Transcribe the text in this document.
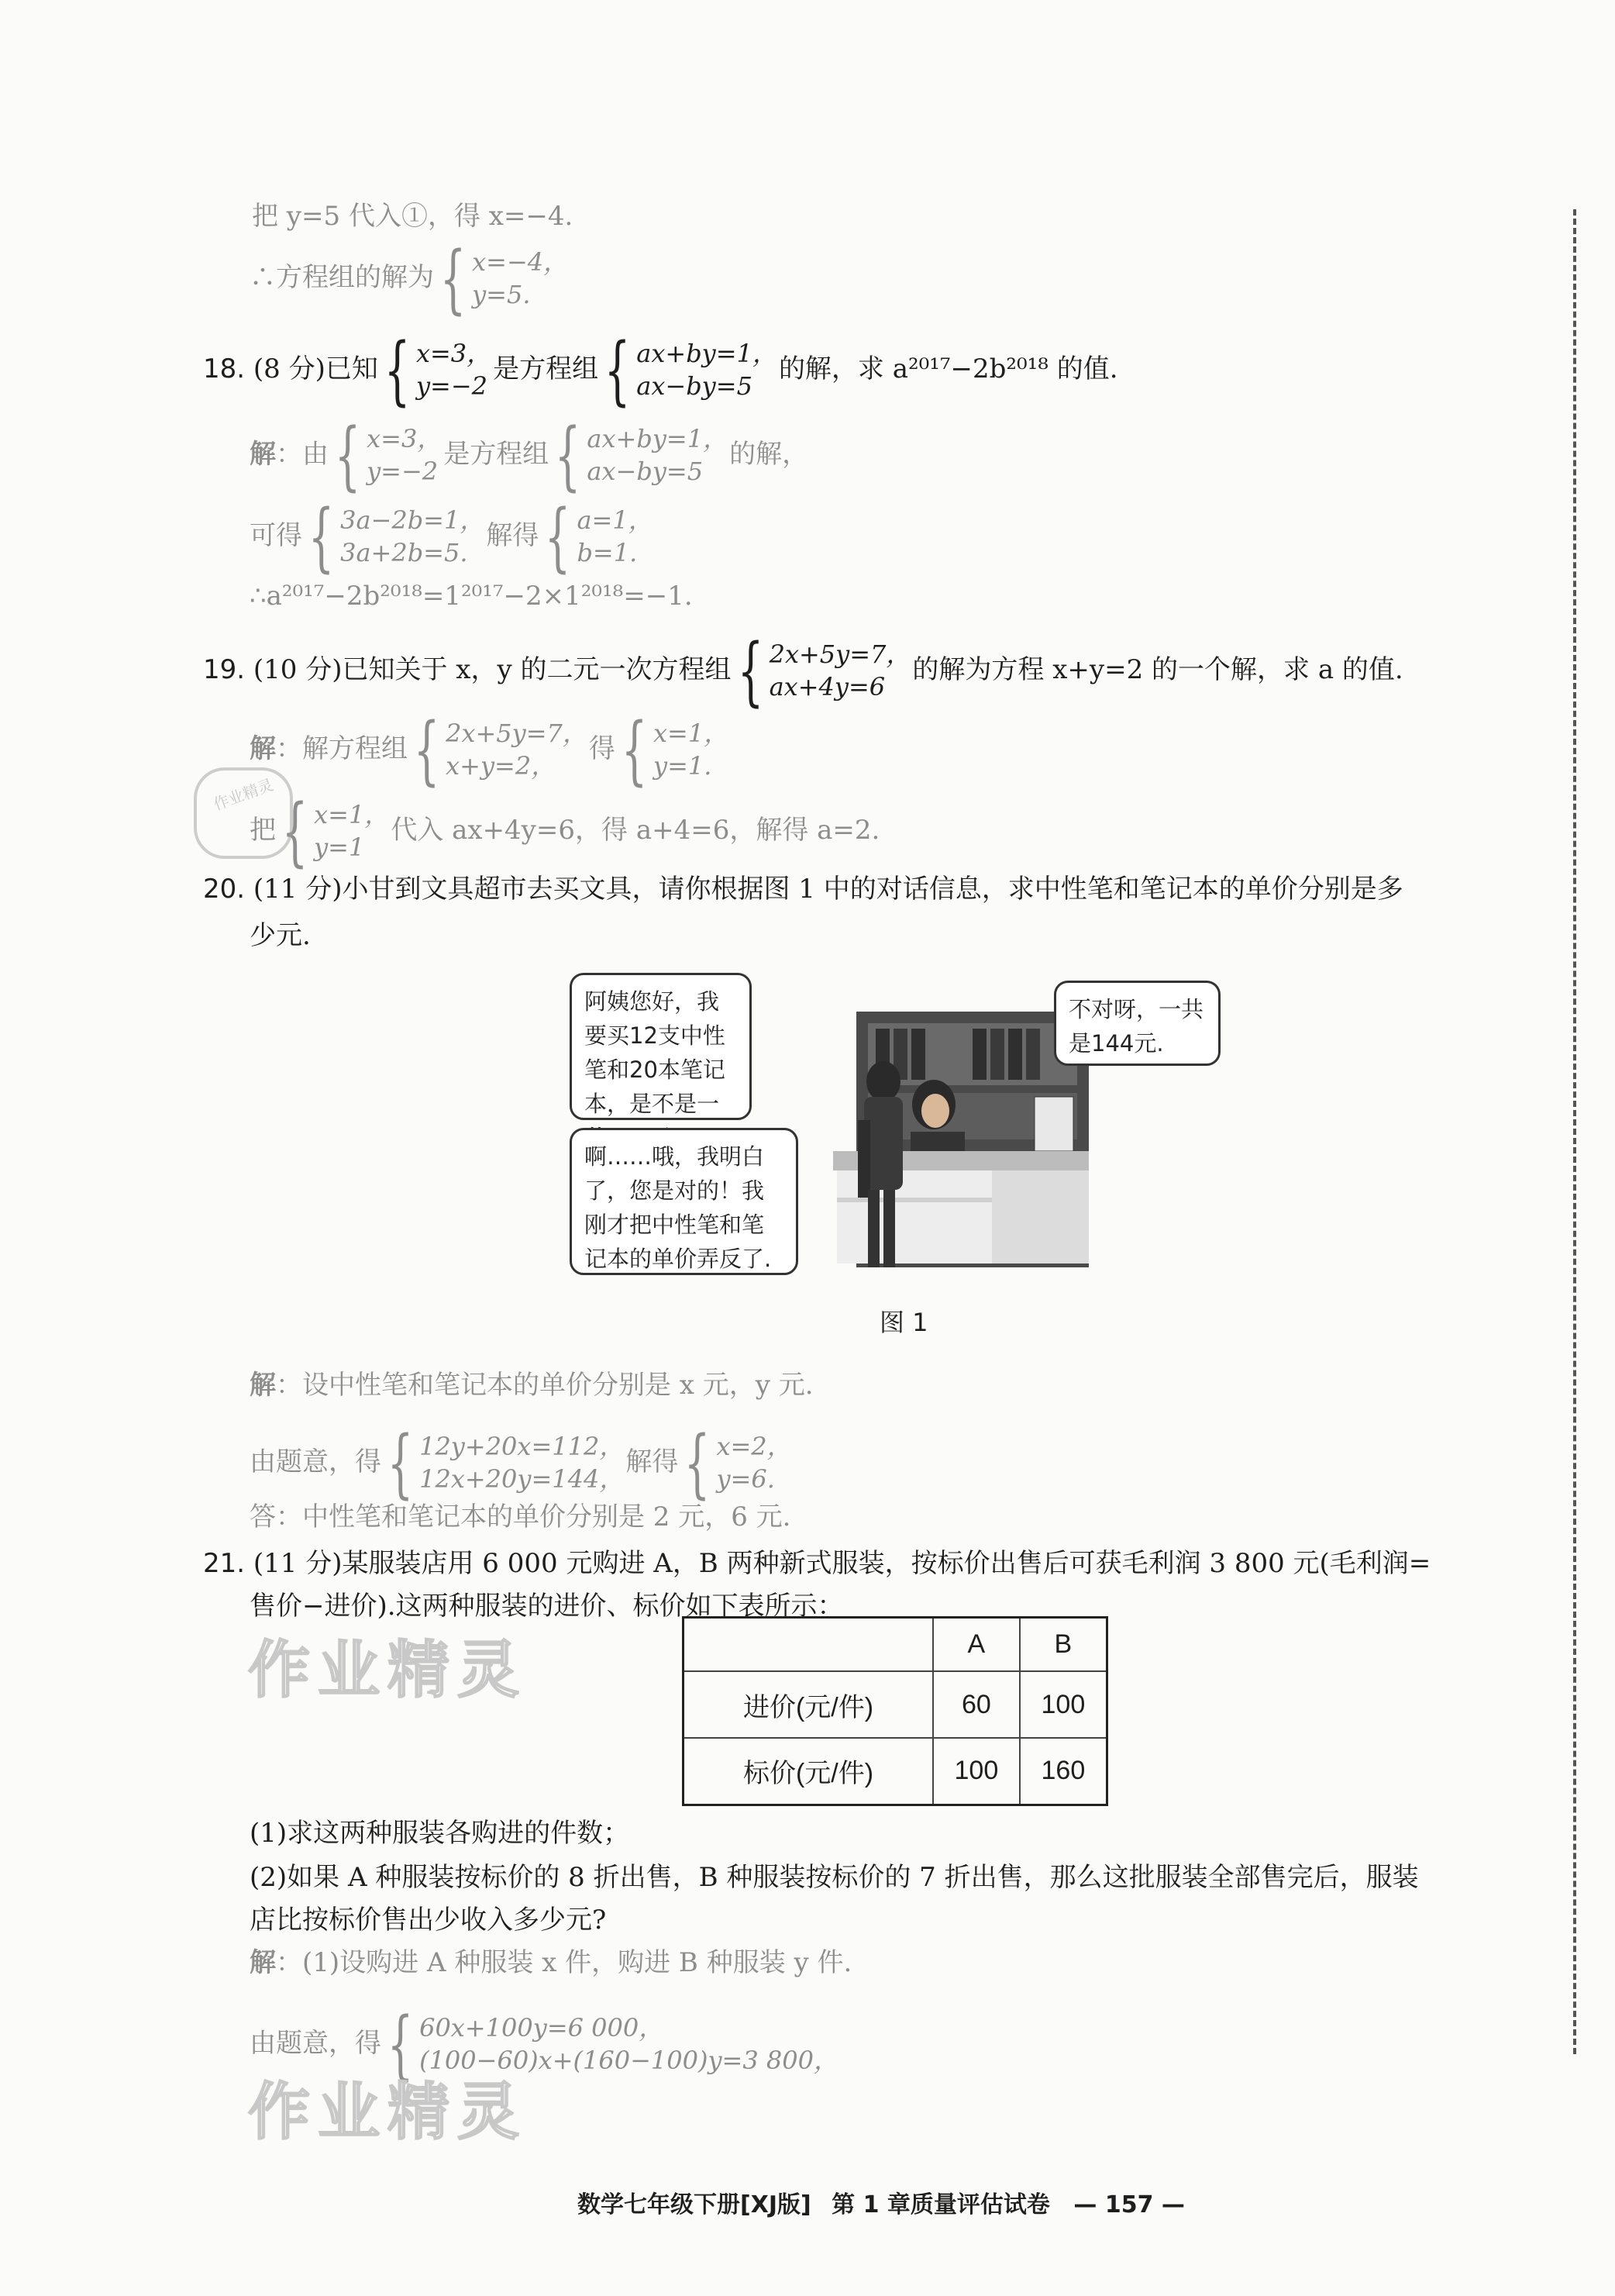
把 y=5 代入①，得 x=−4.
∴方程组的解为 { x=−4，
y=5.
18. (8 分)已知 { x=3，
y=−2
是方程组 { ax+by=1，
ax−by=5
的解，求 a²⁰¹⁷−2b²⁰¹⁸ 的值.
解：由 { x=3，
y=−2
是方程组 { ax+by=1，
ax−by=5
的解，
可得 { 3a−2b=1，
3a+2b=5.
解得 { a=1，
b=1.
∴a²⁰¹⁷−2b²⁰¹⁸=1²⁰¹⁷−2×1²⁰¹⁸=−1.
19. (10 分)已知关于 x，y 的二元一次方程组 { 2x+5y=7，
ax+4y=6
的解为方程 x+y=2 的一个解，求 a 的值.
解：解方程组 { 2x+5y=7，
x+y=2，
得 { x=1，
y=1.
把 { x=1，
y=1
代入 ax+4y=6，得 a+4=6，解得 a=2.
作业精灵
20. (11 分)小甘到文具超市去买文具，请你根据图 1 中的对话信息，求中性笔和笔记本的单价分别是多
少元.
阿姨您好，我要买12支中性笔和20本笔记本，是不是一
不对呀，一共是144元.
啊……哦，我明白了，您是对的！我刚才把中性笔和笔记本的单价弄反了.
图 1
解：设中性笔和笔记本的单价分别是 x 元，y 元.
由题意，得 { 12y+20x=112，
12x+20y=144，
解得 { x=2，
y=6.
答：中性笔和笔记本的单价分别是 2 元，6 元.
21. (11 分)某服装店用 6 000 元购进 A，B 两种新式服装，按标价出售后可获毛利润 3 800 元(毛利润=
售价−进价).这两种服装的进价、标价如下表所示：
作业精灵
		A	B
进价(元/件)	60	100
标价(元/件)	100	160
(1)求这两种服装各购进的件数；
(2)如果 A 种服装按标价的 8 折出售，B 种服装按标价的 7 折出售，那么这批服装全部售完后，服装
店比按标价售出少收入多少元?
解：(1)设购进 A 种服装 x 件，购进 B 种服装 y 件.
由题意，得 { 60x+100y=6 000，
(100−60)x+(160−100)y=3 800，
作业精灵
数学七年级下册[XJ版] 第 1 章质量评估试卷 — 157 —
